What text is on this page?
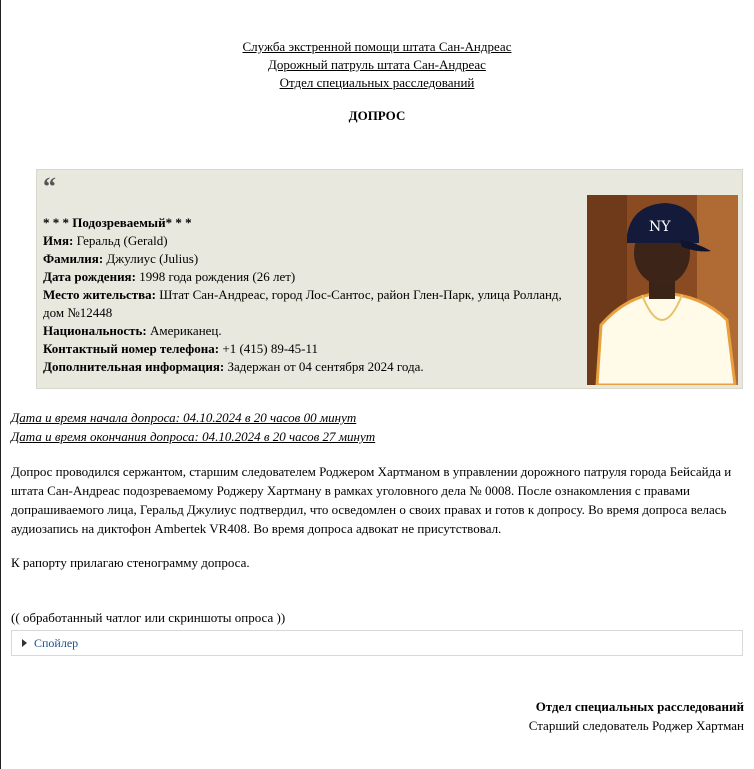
Служба экстренной помощи штата Сан-Андреас
Дорожный патруль штата Сан-Андреас
Отдел специальных расследований
ДОПРОС
“
* * * Подозреваемый* * *
Имя: Геральд (Gerald)
Фамилия: Джулиус (Julius)
Дата рождения: 1998 года рождения (26 лет)
Место жительства: Штат Сан-Андреас, город Лос-Сантос, район Глен-Парк, улица Ролланд, дом №12448
Национальность: Американец.
Контактный номер телефона: +1 (415) 89-45-11
Дополнительная информация: Задержан от 04 сентября 2024 года.
NY
Дата и время начала допроса: 04.10.2024 в 20 часов 00 минут
Дата и время окончания допроса: 04.10.2024 в 20 часов 27 минут
Допрос проводился сержантом, старшим следователем Роджером Хартманом в управлении дорожного патруля города Бейсайда и штата Сан-Андреас подозреваемому Роджеру Хартману в рамках уголовного дела № 0008. После ознакомления с правами допрашиваемого лица, Геральд Джулиус подтвердил, что осведомлен о своих правах и готов к допросу. Во время допроса велась аудиозапись на диктофон Ambertek VR408. Во время допроса адвокат не присутствовал.
К рапорту прилагаю стенограмму допроса.
(( обработанный чатлог или скриншоты опроса ))
Спойлер
Отдел специальных расследований
Старший следователь Роджер Хартман
